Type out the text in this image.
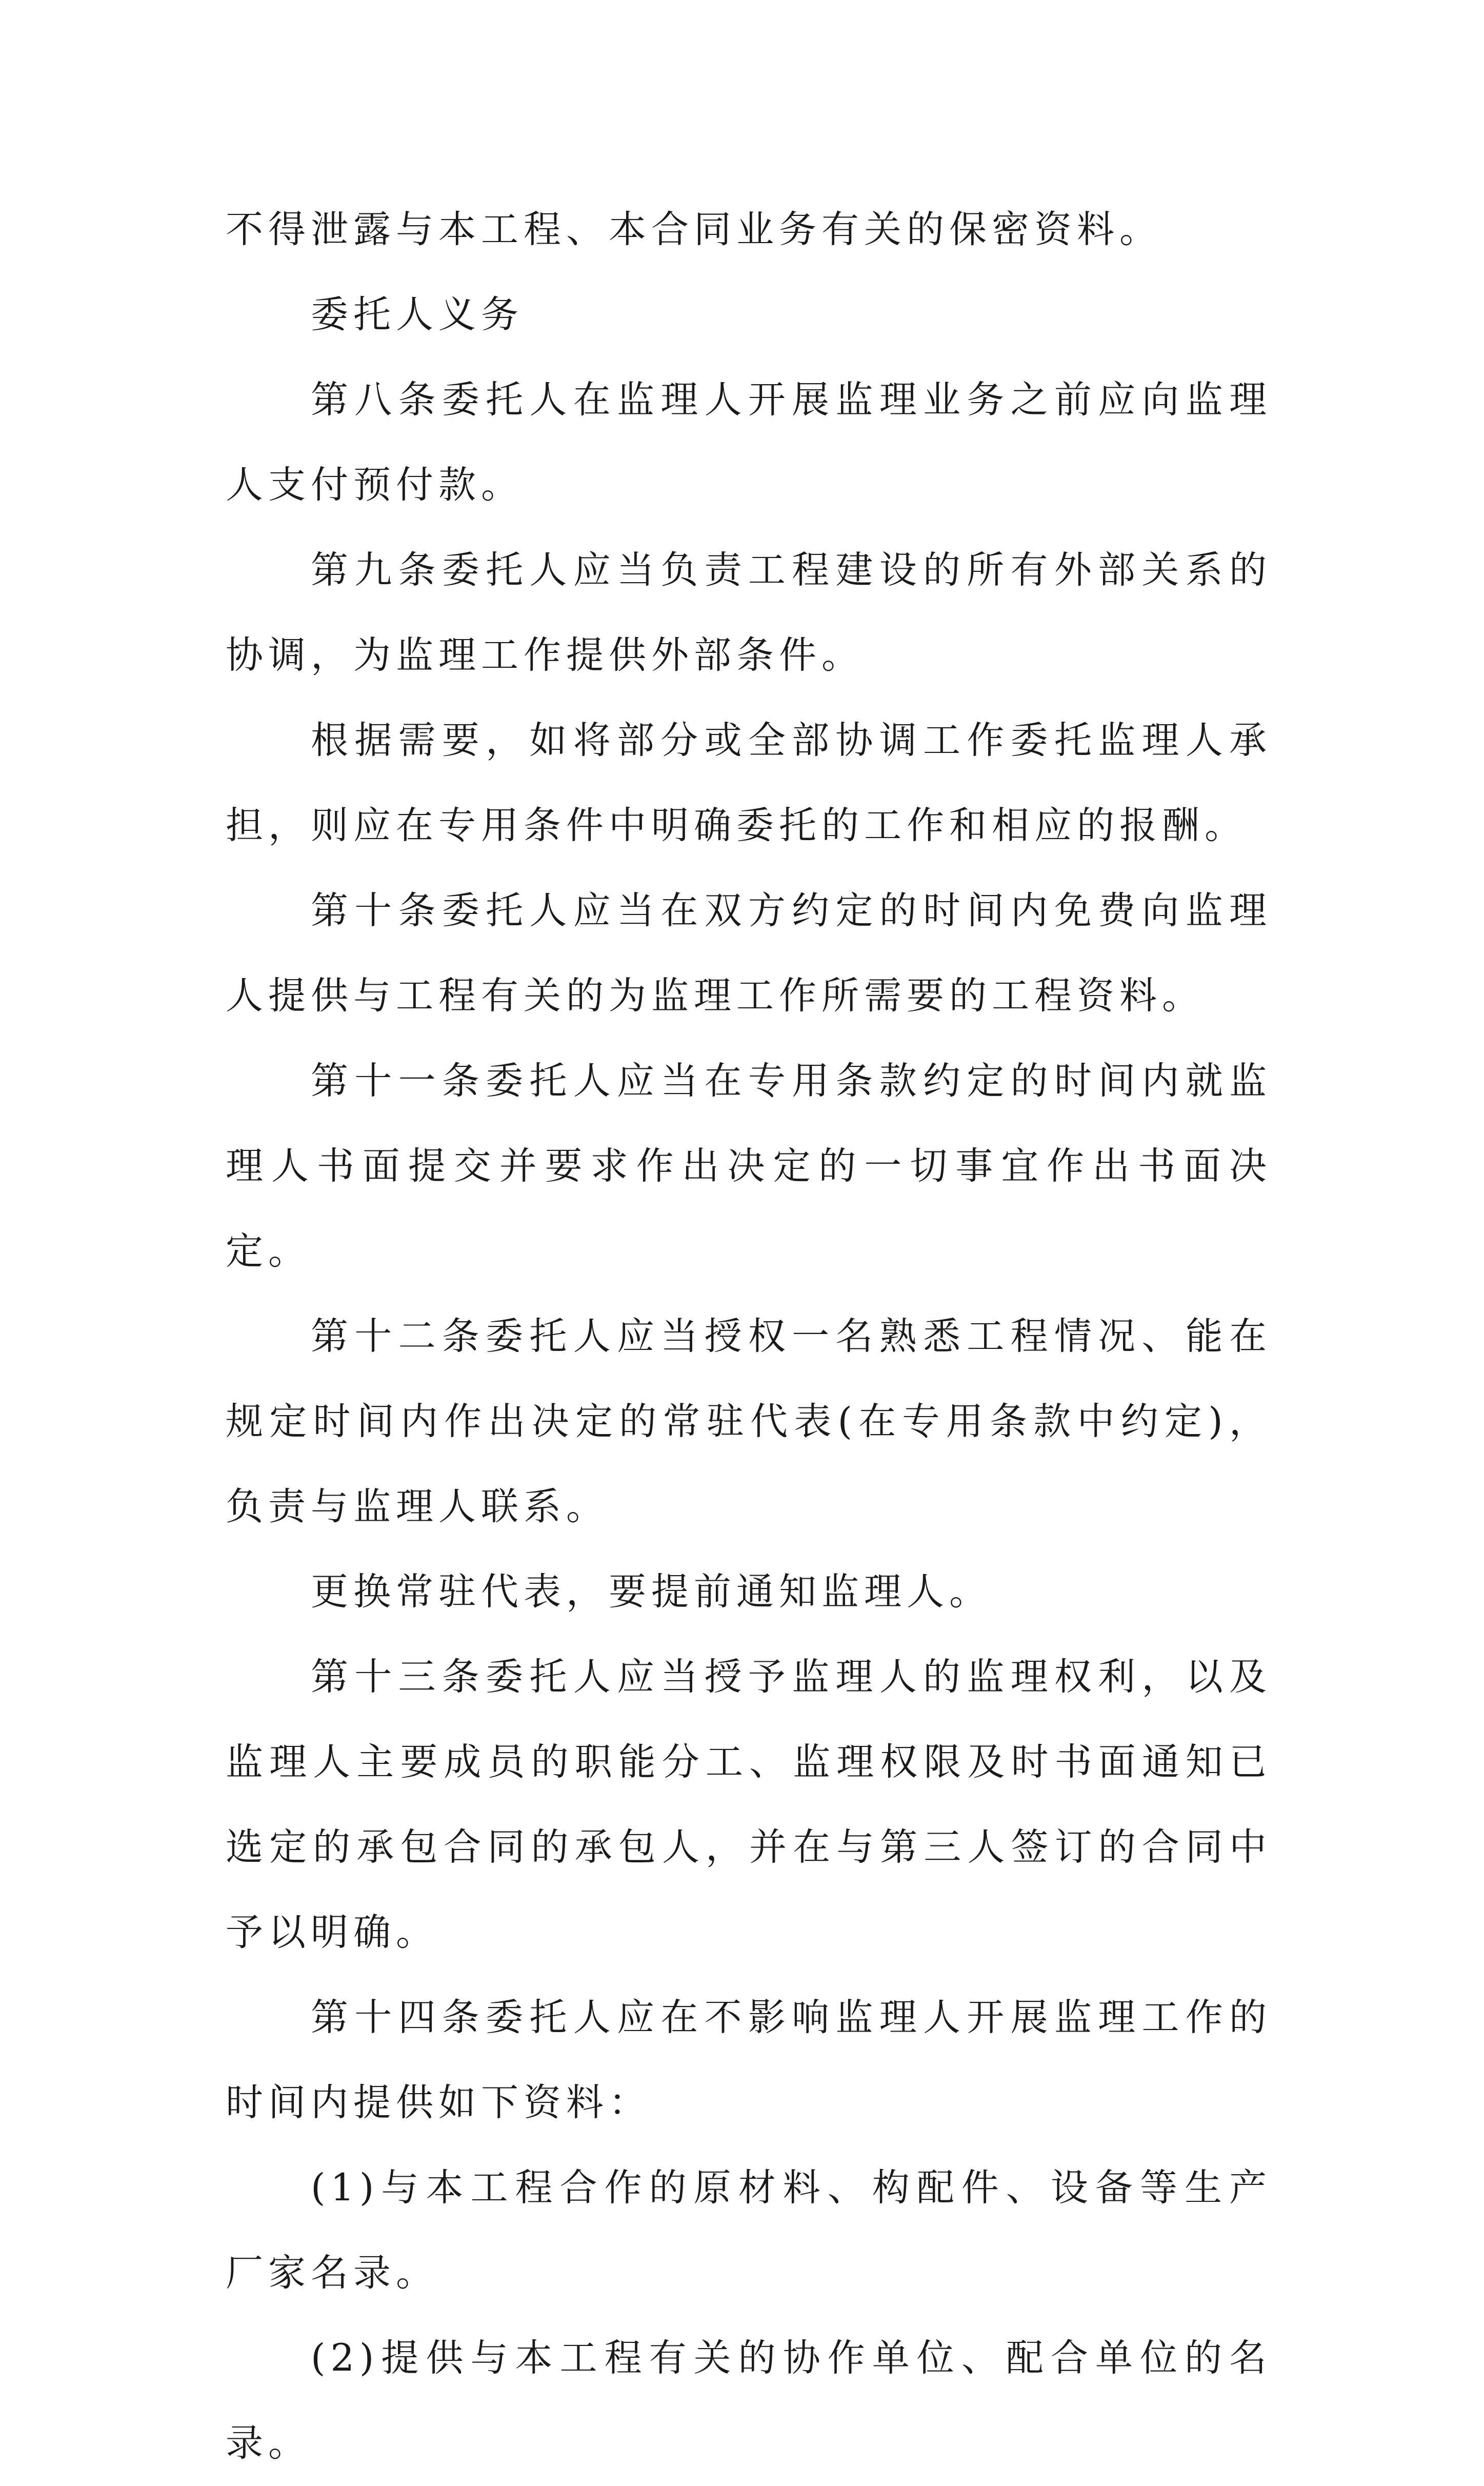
不得泄露与本工程、本合同业务有关的保密资料。

委托人义务

第八条委托人在监理人开展监理业务之前应向监理人支付预付款。

第九条委托人应当负责工程建设的所有外部关系的协调，为监理工作提供外部条件。

根据需要，如将部分或全部协调工作委托监理人承担，则应在专用条件中明确委托的工作和相应的报酬。

第十条委托人应当在双方约定的时间内免费向监理人提供与工程有关的为监理工作所需要的工程资料。

第十一条委托人应当在专用条款约定的时间内就监理人书面提交并要求作出决定的一切事宜作出书面决定。

第十二条委托人应当授权一名熟悉工程情况、能在规定时间内作出决定的常驻代表(在专用条款中约定)，负责与监理人联系。

更换常驻代表，要提前通知监理人。

第十三条委托人应当授予监理人的监理权利，以及监理人主要成员的职能分工、监理权限及时书面通知已选定的承包合同的承包人，并在与第三人签订的合同中予以明确。

第十四条委托人应在不影响监理人开展监理工作的时间内提供如下资料：

(1)与本工程合作的原材料、构配件、设备等生产厂家名录。

(2)提供与本工程有关的协作单位、配合单位的名录。
